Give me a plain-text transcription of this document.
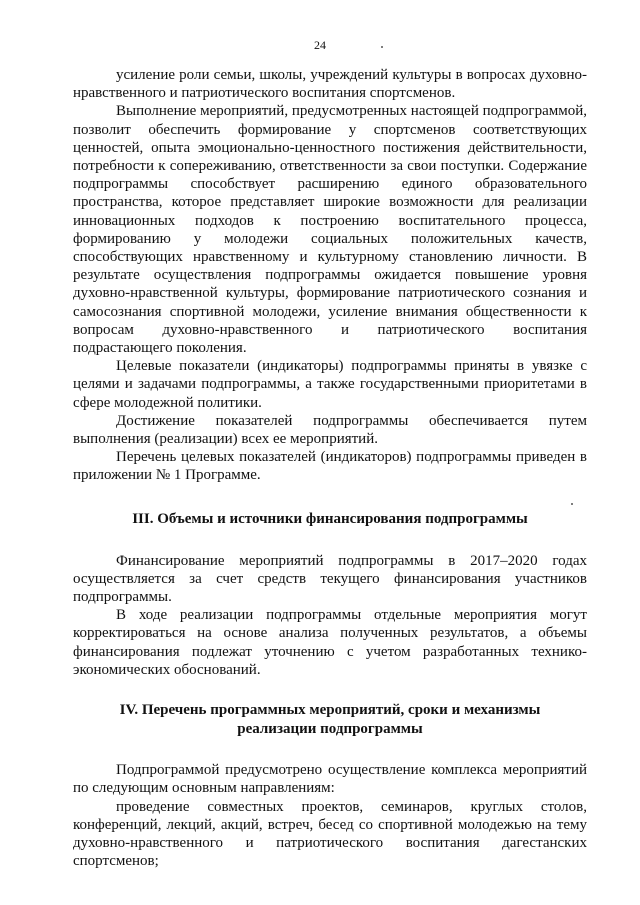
24

усиление роли семьи, школы, учреждений культуры в вопросах духовно-нравственного и патриотического воспитания спортсменов.

Выполнение мероприятий, предусмотренных настоящей подпрограммой, позволит обеспечить формирование у спортсменов соответствующих ценностей, опыта эмоционально-ценностного постижения действительности, потребности к сопереживанию, ответственности за свои поступки. Содержание подпрограммы способствует расширению единого образовательного пространства, которое представляет широкие возможности для реализации инновационных подходов к построению воспитательного процесса, формированию у молодежи социальных положительных качеств, способствующих нравственному и культурному становлению личности. В результате осуществления подпрограммы ожидается повышение уровня духовно-нравственной культуры, формирование патриотического сознания и самосознания спортивной молодежи, усиление внимания общественности к вопросам духовно-нравственного и патриотического воспитания подрастающего поколения.

Целевые показатели (индикаторы) подпрограммы приняты в увязке с целями и задачами подпрограммы, а также государственными приоритетами в сфере молодежной политики.

Достижение показателей подпрограммы обеспечивается путем выполнения (реализации) всех ее мероприятий.

Перечень целевых показателей (индикаторов) подпрограммы приведен в приложении № 1 Программе.

III. Объемы и источники финансирования подпрограммы

Финансирование мероприятий подпрограммы в 2017–2020 годах осуществляется за счет средств текущего финансирования участников подпрограммы.

В ходе реализации подпрограммы отдельные мероприятия могут корректироваться на основе анализа полученных результатов, а объемы финансирования подлежат уточнению с учетом разработанных технико-экономических обоснований.

IV. Перечень программных мероприятий, сроки и механизмы
реализации подпрограммы

Подпрограммой предусмотрено осуществление комплекса мероприятий по следующим основным направлениям:

проведение совместных проектов, семинаров, круглых столов, конференций, лекций, акций, встреч, бесед со спортивной молодежью на тему духовно-нравственного и патриотического воспитания дагестанских спортсменов;
